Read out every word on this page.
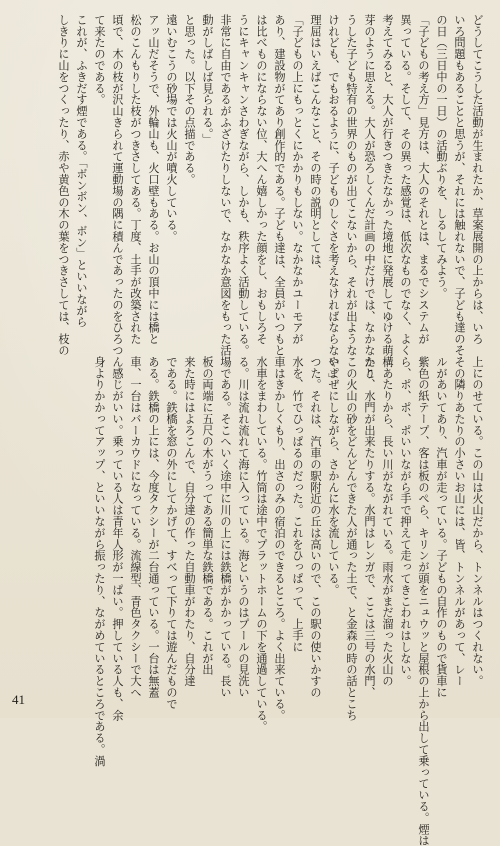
どうしてこうした活動が生まれたか、草案展開の上からは、いろ
いろ問題もあることと思うが、それには触れないで、子ども達のそ
の日（三日中の一日）の活動ぶりを、しるしてみよう。
「子どもの考え方」見方は、大人のそれとは、まるでシステムが
異っている。そして、その異った感覚は、低次なものでなく、よく
考えてみると、大人が行きつきたなかった境地に発展してゆける萌
芽のように思える。大人が恐ろしくんだ計画の中だけでは、なかなかこ
うした子ども特有の世界のものが出てこないから、それが出ような
けれども、でもおるように、子どものしぐさを考えなければならない。」
理屈はいえばこんなこと、その時の説明としては、
「子どもの上にもっとくにかかりもしない。なかなかユーモアが
あり、建設物がてあり創作的である。子ども達は、全員がいつもと
は比べものにならない位、大へん嬉しかった顔をし、おもしろそ
うにキャンキャンさわぎながら、しかも、秩序よく活動している。
非常に自由であるがふざけたりしないで、なかなか意図をもった活
動がしばしば見られる。」
と思った。以下その点描である。
遠いむこうの砂場では火山が噴火している。
アッ山だそうで、外輪山も、火口壁もある。お山の頂中には橋と
松のこんもりした枝がつきさしてある。丁度、土手が改築された
頃で、木の枝が沢山きられて運動場の隅に積んであったのをひろつ
て来たのである。
これが、ふきだす煙である。「ボンボン、ボン」といいながら
しきりに山をつくったり、赤や黄色の木の葉をつきさしては、枝の
上にのせている。この山は火山だから、トンネルはつくれない。
その隣りあたりの小さいお山には、皆、トンネルがあって、レー
ルがあいてあり、汽車が走っている。子どもの自作のもので貨車に
紫色の紙テープ、客は板のぺら、キリンが頭をニュウッと屋根の上から出して乗っている。煙は
ら、ポ、ポ、ポいいながら手で押えて走ってきこわれはしない。
構あたりから、長い川がながれている。雨水がまだ溜った火山の
たり、水門が出来たりする。水門はレンガで、ここは三号の水門、
この火山の砂をどんどんできた人が通った土で、と金森の時の話とこち
やまぜにしながら、さかんに水を流している。
つた。それは、汽車の駅附近の丘は高いので、この駅の使いかすの
水を、竹でひっぱるのだった。これをひっぱって、上手に
車はきかしくもり、出さのみの宿泊のできるところ。よく出来ている。
水車をまわしている。竹筒は途中でプラットホームの下を通過している。
る。川は流れ流れて海に入っている。海というのはプールの見洗い
場である。そこへいく途中に川の上には鉄橋がかかっている。長い
板の両端に五尺の木がうってある簡単な鉄橋である。これが出
来た時にはよろこんで、自分達の作った自動車がわたり、自分達
である。鉄橋を窓の外にしてかげて、すべって下りては遊んだもので
ある。鉄橋の上には、今度タクシーが二台通っている。一台は無蓋
車、一台はバーカウドになっている。流線型、青色タクシーで大へ
ん感じがいい。乗っている人は青年人形が一ぱい。押している人も、余
身よりかかってアップ、といいながら振ったり、ながめているところである。渦
41
